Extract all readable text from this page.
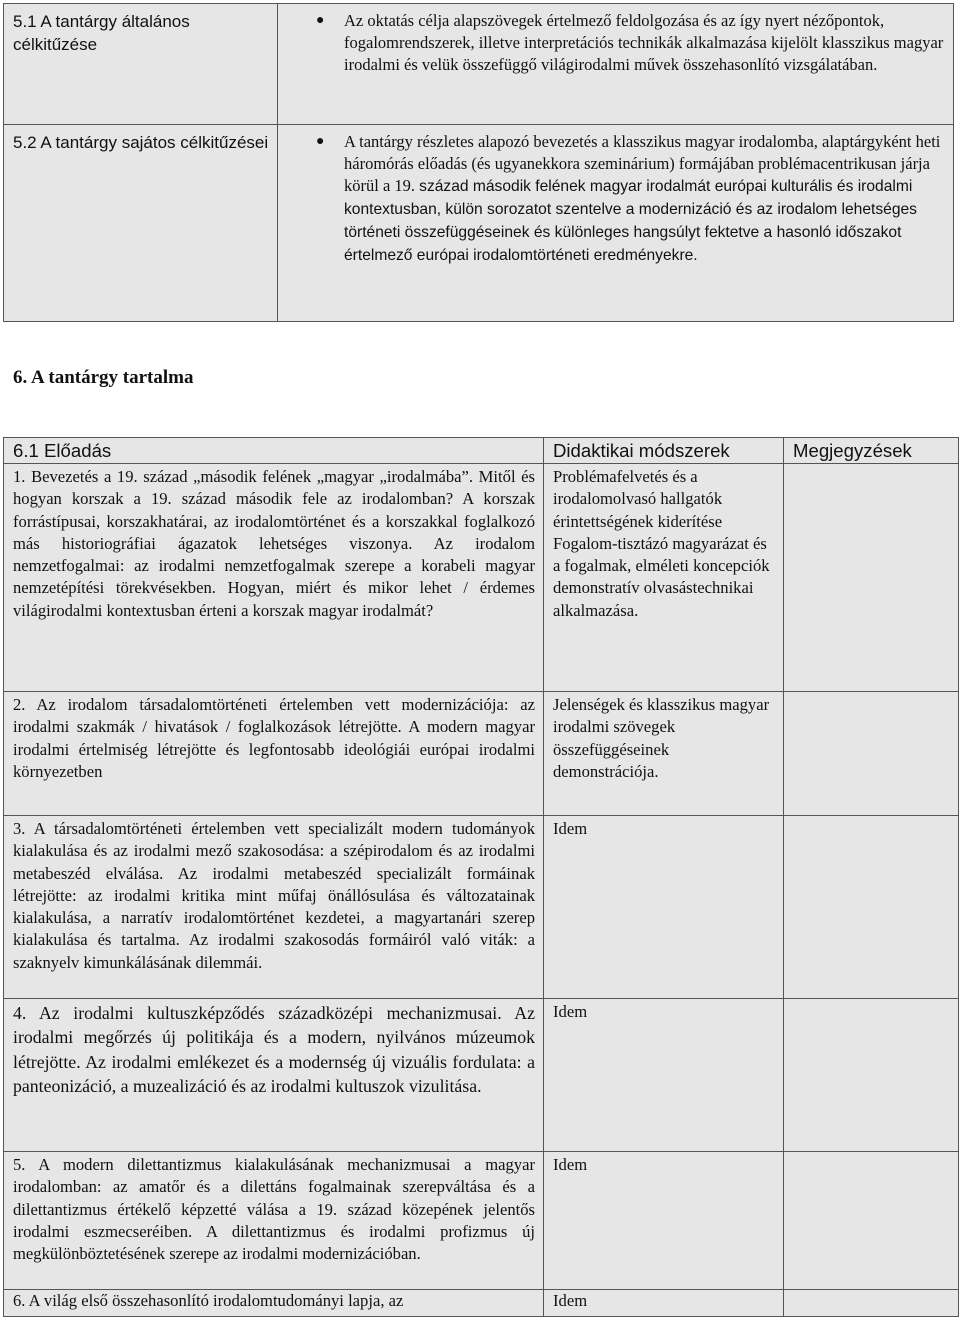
5.1 A tantárgy általános célkitűzése	● Az oktatás célja alapszövegek értelmező feldolgozása és az így nyert nézőpontok, fogalomrendszerek, illetve interpretációs technikák alkalmazása kijelölt klasszikus magyar irodalmi és velük összefüggő világirodalmi művek összehasonlító vizsgálatában.

5.2 A tantárgy sajátos célkitűzései	● A tantárgy részletes alapozó bevezetés a klasszikus magyar irodalomba, alaptárgyként heti háromórás előadás (és ugyanekkora szeminárium) formájában problémacentrikusan járja körül a 19. század második felének magyar irodalmát európai kulturális és irodalmi kontextusban, külön sorozatot szentelve a modernizáció és az irodalom lehetséges történeti összefüggéseinek és különleges hangsúlyt fektetve a hasonló időszakot értelmező európai irodalomtörténeti eredményekre.
6. A tantárgy tartalma
6.1 Előadás	Didaktikai módszerek	Megjegyzések
1. Bevezetés a 19. század „második felének „magyar „irodalmába”. Mitől és hogyan korszak a 19. század második fele az irodalomban? A korszak forrástípusai, korszakhatárai, az irodalomtörténet és a korszakkal foglalkozó más historiográfiai ágazatok lehetséges viszonya. Az irodalom nemzetfogalmai: az irodalmi nemzetfogalmak szerepe a korabeli magyar nemzetépítési törekvésekben. Hogyan, miért és mikor lehet / érdemes világirodalmi kontextusban érteni a korszak magyar irodalmát?	Problémafelvetés és a irodalomolvasó hallgatók érintettségének kiderítése Fogalom-tisztázó magyarázat és a fogalmak, elméleti koncepciók demonstratív olvasástechnikai alkalmazása.	
2. Az irodalom társadalomtörténeti értelemben vett modernizációja: az irodalmi szakmák / hivatások / foglalkozások létrejötte. A modern magyar irodalmi értelmiség létrejötte és legfontosabb ideológiái európai irodalmi környezetben	Jelenségek és klasszikus magyar irodalmi szövegek összefüggéseinek demonstrációja.	
3. A társadalomtörténeti értelemben vett specializált modern tudományok kialakulása és az irodalmi mező szakosodása: a szépirodalom és az irodalmi metabeszéd elválása. Az irodalmi metabeszéd specializált formáinak létrejötte: az irodalmi kritika mint műfaj önállósulása és változatainak kialakulása, a narratív irodalomtörténet kezdetei, a magyartanári szerep kialakulása és tartalma. Az irodalmi szakosodás formáiról való viták: a szaknyelv kimunkálásának dilemmái.	Idem	
4. Az irodalmi kultuszképződés századközépi mechanizmusai. Az irodalmi megőrzés új politikája és a modern, nyilvános múzeumok létrejötte. Az irodalmi emlékezet és a modernség új vizuális fordulata: a panteonizáció, a muzealizáció és az irodalmi kultuszok vizulitása.	Idem	
5. A modern dilettantizmus kialakulásának mechanizmusai a magyar irodalomban: az amatőr és a dilettáns fogalmainak szerepváltása és a dilettantizmus értékelő képzetté válása a 19. század közepének jelentős irodalmi eszmecseréiben. A dilettantizmus és irodalmi profizmus új megkülönböztetésének szerepe az irodalmi modernizációban.	Idem	
6. A világ első összehasonlító irodalomtudományi lapja, az	Idem	
